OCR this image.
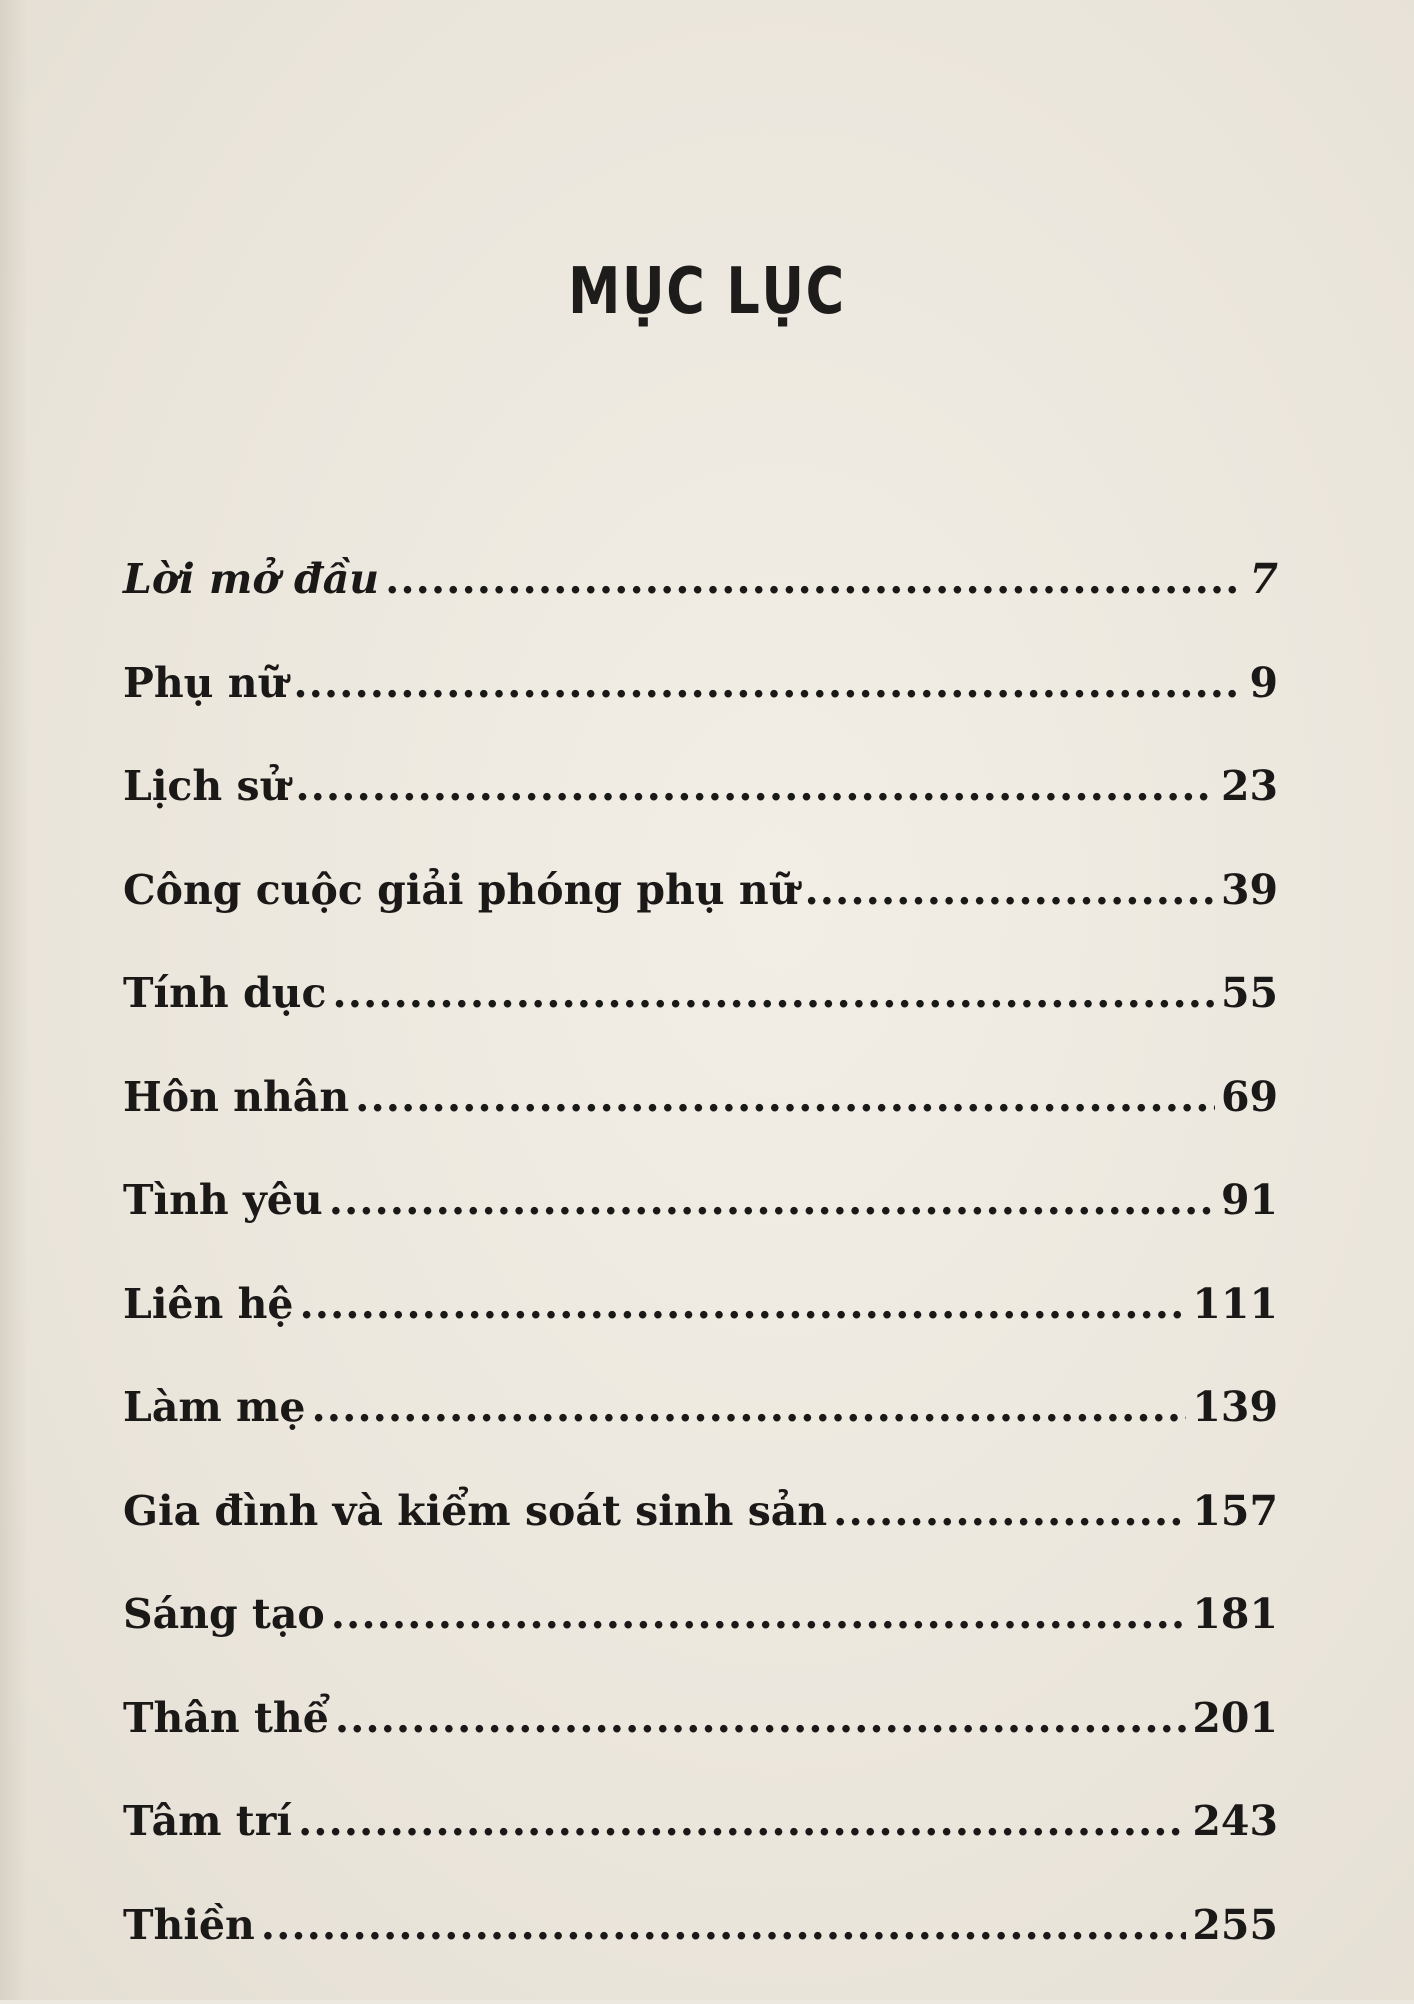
MỤC LỤC
Lời mở đầu .....	7
Phụ nữ .....	9
Lịch sử .....	23
Công cuộc giải phóng phụ nữ .....	39
Tính dục .....	55
Hôn nhân .....	69
Tình yêu .....	91
Liên hệ .....	111
Làm mẹ .....	139
Gia đình và kiểm soát sinh sản .....	157
Sáng tạo .....	181
Thân thể .....	201
Tâm trí .....	243
Thiền .....	255
